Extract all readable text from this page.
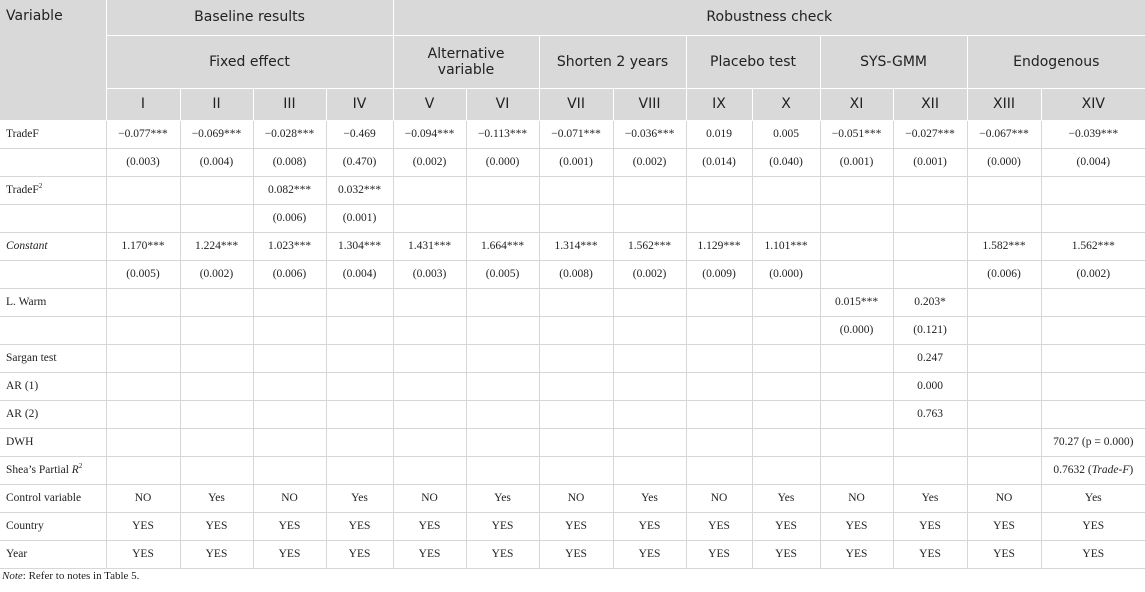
Variable	Baseline results				Robustness check									
	Fixed effect				Alternative variable		Shorten 2 years		Placebo test		SYS-GMM		Endogenous	
	I	II	III	IV	V	VI	VII	VIII	IX	X	XI	XII	XIII	XIV
TradeF	−0.077***	−0.069***	−0.028***	−0.469	−0.094***	−0.113***	−0.071***	−0.036***	0.019	0.005	−0.051***	−0.027***	−0.067***	−0.039***
	(0.003)	(0.004)	(0.008)	(0.470)	(0.002)	(0.000)	(0.001)	(0.002)	(0.014)	(0.040)	(0.001)	(0.001)	(0.000)	(0.004)
TradeF$^2$			0.082***	0.032***										
			(0.006)	(0.001)										
Constant	1.170***	1.224***	1.023***	1.304***	1.431***	1.664***	1.314***	1.562***	1.129***	1.101***			1.582***	1.562***
	(0.005)	(0.002)	(0.006)	(0.004)	(0.003)	(0.005)	(0.008)	(0.002)	(0.009)	(0.000)			(0.006)	(0.002)
L. Warm											0.015***	0.203*		
											(0.000)	(0.121)		
Sargan test												0.247		
AR (1)												0.000		
AR (2)												0.763		
DWH														70.27 (p = 0.000)
Shea’s Partial $R^2$														0.7632 (Trade-F)
Control variable	NO	Yes	NO	Yes	NO	Yes	NO	Yes	NO	Yes	NO	Yes	NO	Yes
Country	YES	YES	YES	YES	YES	YES	YES	YES	YES	YES	YES	YES	YES	YES
Year	YES	YES	YES	YES	YES	YES	YES	YES	YES	YES	YES	YES	YES	YES
Note: Refer to notes in Table 5.
